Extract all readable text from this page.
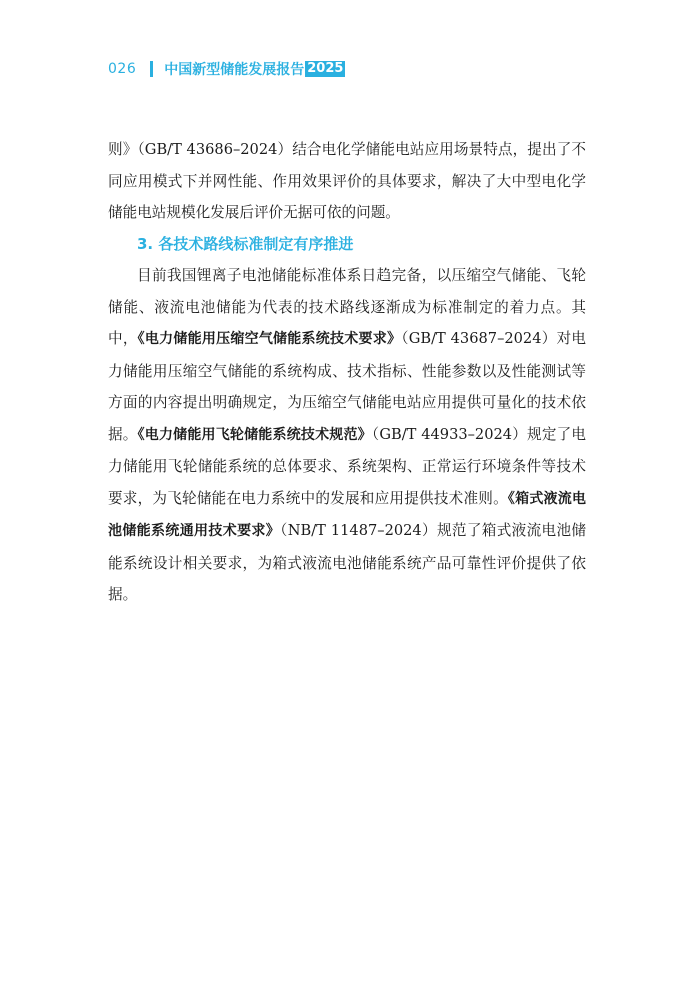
026 中国新型储能发展报告 2025

则》（GB/T 43686–2024）结合电化学储能电站应用场景特点，提出了不同应用模式下并网性能、作用效果评价的具体要求，解决了大中型电化学储能电站规模化发展后评价无据可依的问题。

3. 各技术路线标准制定有序推进

目前我国锂离子电池储能标准体系日趋完备，以压缩空气储能、飞轮储能、液流电池储能为代表的技术路线逐渐成为标准制定的着力点。其中，《电力储能用压缩空气储能系统技术要求》（GB/T 43687–2024）对电力储能用压缩空气储能的系统构成、技术指标、性能参数以及性能测试等方面的内容提出明确规定，为压缩空气储能电站应用提供可量化的技术依据。《电力储能用飞轮储能系统技术规范》（GB/T 44933–2024）规定了电力储能用飞轮储能系统的总体要求、系统架构、正常运行环境条件等技术要求，为飞轮储能在电力系统中的发展和应用提供技术准则。《箱式液流电池储能系统通用技术要求》（NB/T 11487–2024）规范了箱式液流电池储能系统设计相关要求，为箱式液流电池储能系统产品可靠性评价提供了依据。
